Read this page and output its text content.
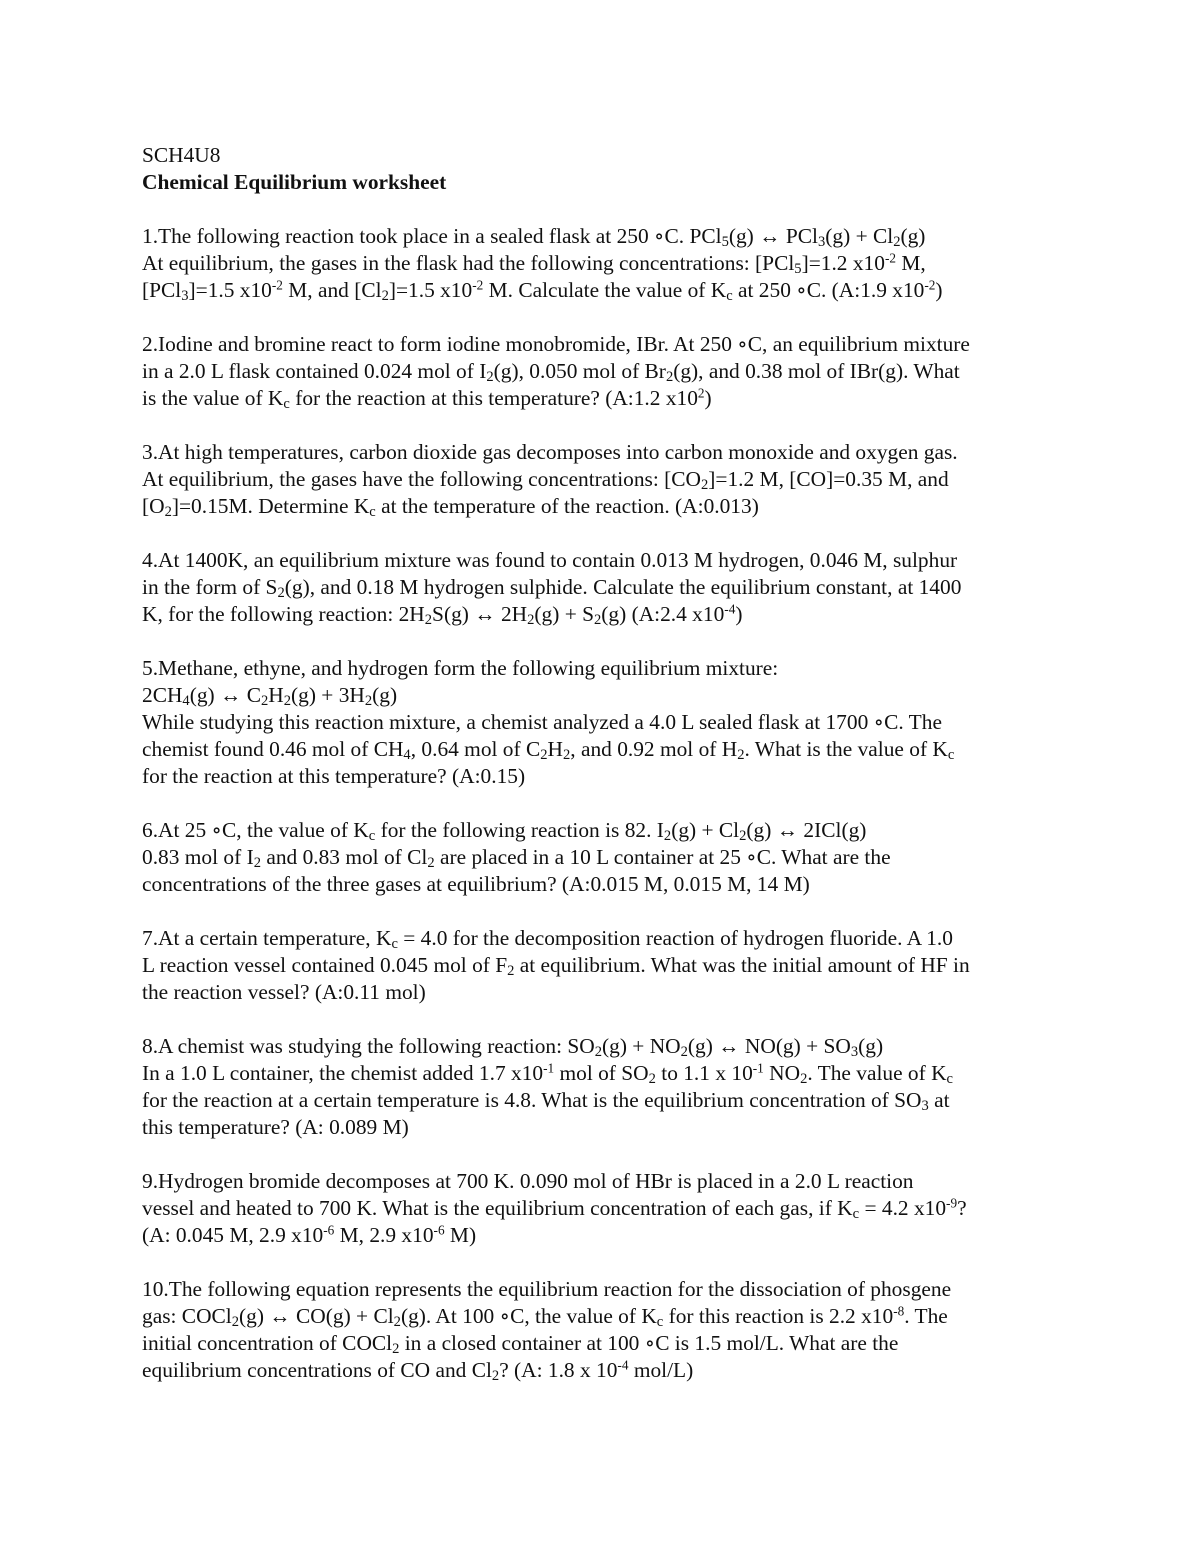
SCH4U8
Chemical Equilibrium worksheet
1.The following reaction took place in a sealed flask at 250 ∘C. PCl$_5$(g) ↔ $PCl_3(g) + Cl_2(g)$
At equilibrium, the gases in the flask had the following concentrations: [PCl$_5$]=1.2 $x10^{-2}$ M,
[PCl$_3$]=1.5 $x10^{-2}$ M, and $[Cl_2]=1.5$ $x10^{-2}$ M. Calculate the value of $K_c$ at 250 ∘C. (A:1.9 $x10^{-2}$)
2.Iodine and bromine react to form iodine monobromide, IBr. At 250 ∘C, an equilibrium mixture
in a 2.0 L flask contained 0.024 mol of $I_2(g)$, 0.050 mol of $Br_2(g)$, and 0.38 mol of IBr(g). What
is the value of $K_c$ for the reaction at this temperature? (A:1.2 $x10^2$)
3.At high temperatures, carbon dioxide gas decomposes into carbon monoxide and oxygen gas.
At equilibrium, the gases have the following concentrations: $[CO_2]=1.2$ M, [CO]=0.35 M, and
$[O_2]=0.15M$. Determine $K_c$ at the temperature of the reaction. (A:0.013)
4.At 1400K, an equilibrium mixture was found to contain 0.013 M hydrogen, 0.046 M, sulphur
in the form of $S_2(g)$, and 0.18 M hydrogen sulphide. Calculate the equilibrium constant, at 1400
K, for the following reaction: $2H_2S(g)$ ↔ $2H_2(g) + S_2(g)$ (A:2.4 $x10^{-4}$)
5.Methane, ethyne, and hydrogen form the following equilibrium mixture:
$2CH_4(g)$ ↔ $C_2H_2(g) + 3H_2(g)$
While studying this reaction mixture, a chemist analyzed a 4.0 L sealed flask at 1700 ∘C. The
chemist found 0.46 mol of $CH_4$, 0.64 mol of $C_2H_2$, and 0.92 mol of $H_2$. What is the value of $K_c$
for the reaction at this temperature? (A:0.15)
6.At 25 ∘C, the value of $K_c$ for the following reaction is 82. $I_2(g) + Cl_2(g)$ ↔ 2ICl(g)
0.83 mol of $I_2$ and 0.83 mol of $Cl_2$ are placed in a 10 L container at 25 ∘C. What are the
concentrations of the three gases at equilibrium? (A:0.015 M, 0.015 M, 14 M)
7.At a certain temperature, $K_c = 4.0$ for the decomposition reaction of hydrogen fluoride. A 1.0
L reaction vessel contained 0.045 mol of $F_2$ at equilibrium. What was the initial amount of HF in
the reaction vessel? (A:0.11 mol)
8.A chemist was studying the following reaction: $SO_2(g) + NO_2(g)$ ↔ $NO(g) + SO_3(g)$
In a 1.0 L container, the chemist added 1.7 $x10^{-1}$ mol of $SO_2$ to 1.1 x $10^{-1}$ $NO_2$. The value of $K_c$
for the reaction at a certain temperature is 4.8. What is the equilibrium concentration of $SO_3$ at
this temperature? (A: 0.089 M)
9.Hydrogen bromide decomposes at 700 K. 0.090 mol of HBr is placed in a 2.0 L reaction
vessel and heated to 700 K. What is the equilibrium concentration of each gas, if $K_c = 4.2$ $x10^{-9}$?
(A: 0.045 M, 2.9 $x10^{-6}$ M, 2.9 $x10^{-6}$ M)
10.The following equation represents the equilibrium reaction for the dissociation of phosgene
gas: COCl$_2$(g) ↔ $CO(g) + Cl_2(g)$. At 100 ∘C, the value of $K_c$ for this reaction is 2.2 $x10^{-8}$. The
initial concentration of COCl$_2$ in a closed container at 100 ∘C is 1.5 mol/L. What are the
equilibrium concentrations of CO and $Cl_2$? (A: 1.8 x $10^{-4}$ mol/L)
